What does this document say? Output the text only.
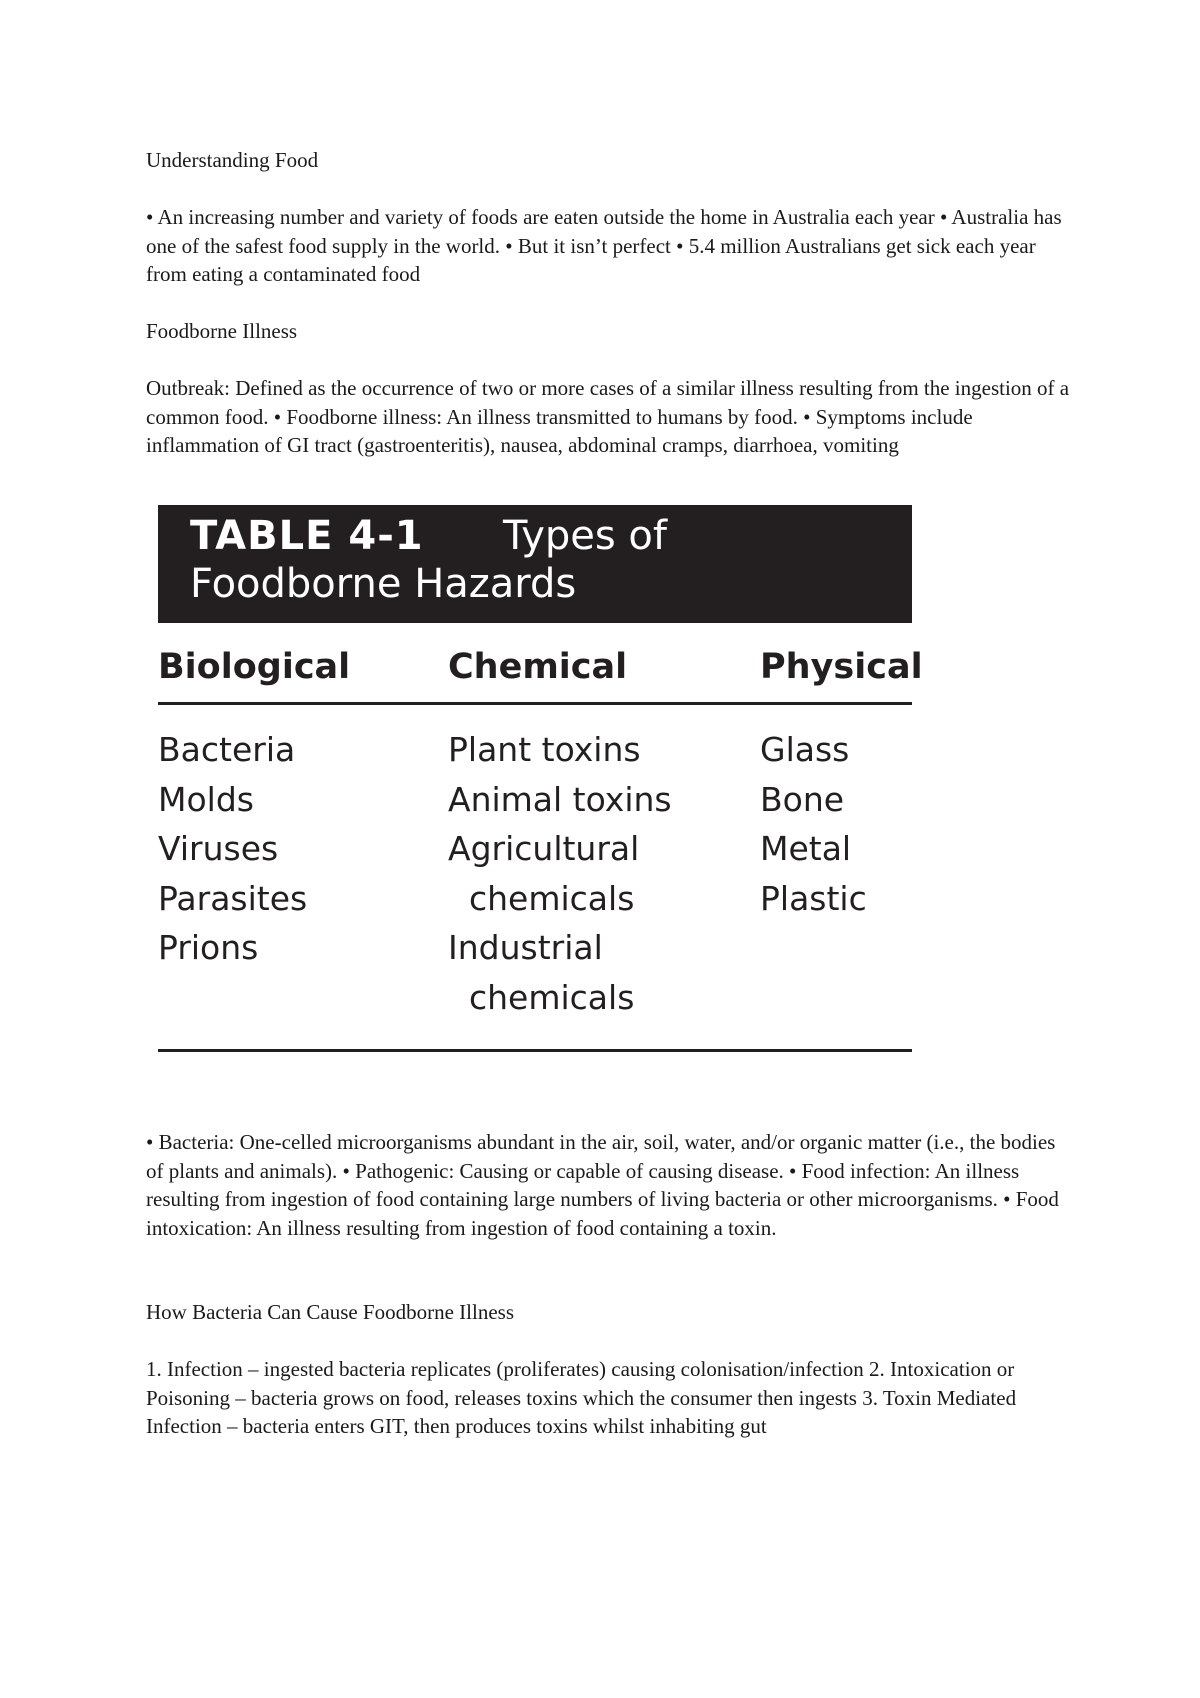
Understanding Food

• An increasing number and variety of foods are eaten outside the home in Australia each year • Australia has one of the safest food supply in the world. • But it isn’t perfect • 5.4 million Australians get sick each year from eating a contaminated food

Foodborne Illness

Outbreak: Defined as the occurrence of two or more cases of a similar illness resulting from the ingestion of a common food. • Foodborne illness: An illness transmitted to humans by food. • Symptoms include inflammation of GI tract (gastroenteritis), nausea, abdominal cramps, diarrhoea, vomiting

TABLE 4-1 Types of
Foodborne Hazards
Biological	Chemical	Physical
Bacteria
Molds
Viruses
Parasites
Prions
Plant toxins
Animal toxins
Agricultural
chemicals
Industrial
chemicals
Glass
Bone
Metal
Plastic

• Bacteria: One-celled microorganisms abundant in the air, soil, water, and/or organic matter (i.e., the bodies of plants and animals). • Pathogenic: Causing or capable of causing disease. • Food infection: An illness resulting from ingestion of food containing large numbers of living bacteria or other microorganisms. • Food intoxication: An illness resulting from ingestion of food containing a toxin.

How Bacteria Can Cause Foodborne Illness

1. Infection – ingested bacteria replicates (proliferates) causing colonisation/infection 2. Intoxication or Poisoning – bacteria grows on food, releases toxins which the consumer then ingests 3. Toxin Mediated Infection – bacteria enters GIT, then produces toxins whilst inhabiting gut
